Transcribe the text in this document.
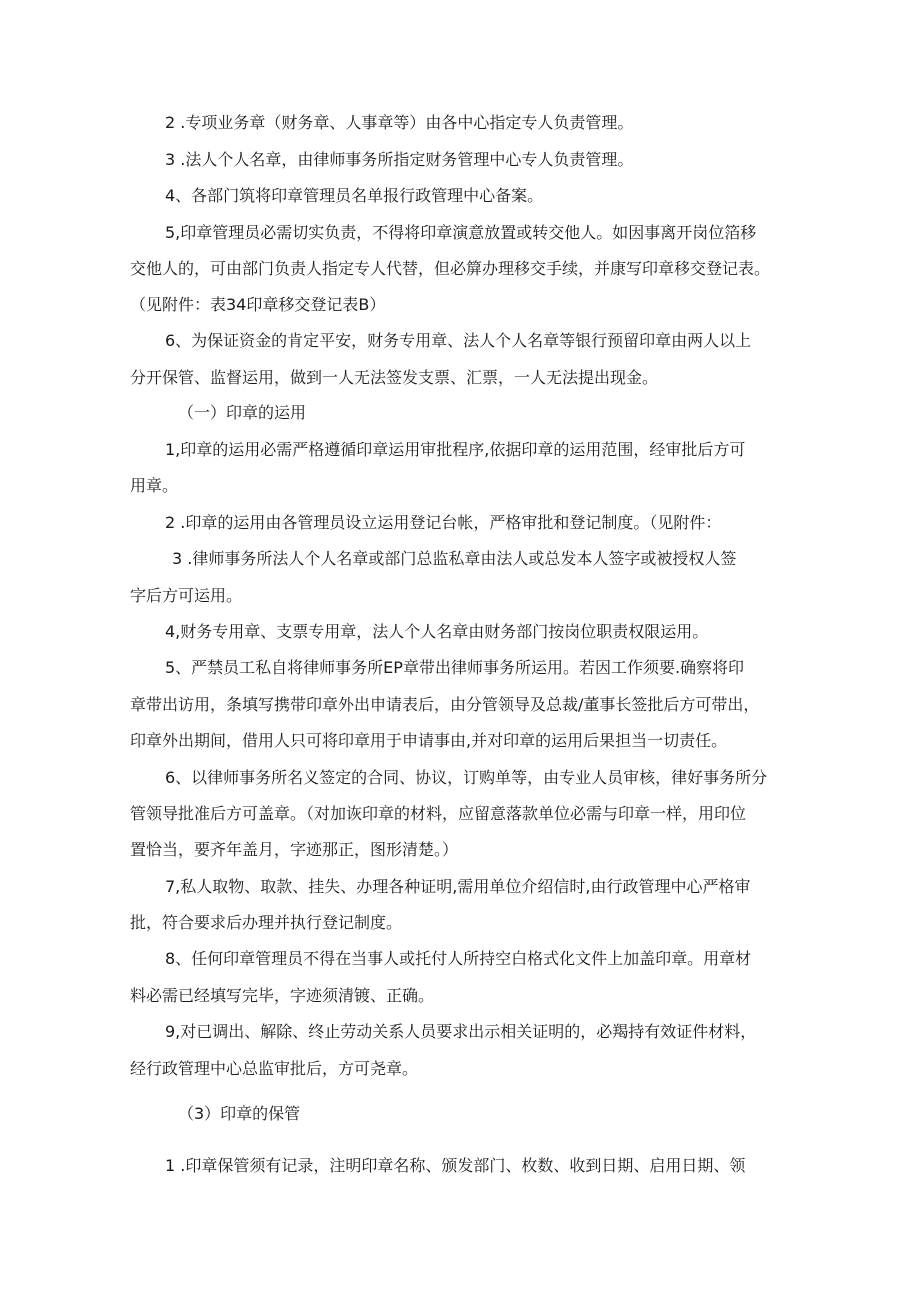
2 .专项业务章（财务章、人事章等）由各中心指定专人负责管理。
3 .法人个人名章，由律师事务所指定财务管理中心专人负责管理。
4、各部门筑将印章管理员名单报行政管理中心备案。
5,印章管理员必需切实负责，不得将印章演意放置或转交他人。如因事离开岗位箔移
交他人的，可由部门负责人指定专人代替，但必箳办理移交手续，并康写印章移交登记表。
（见附件：表34印章移交登记表B）
6、为保证资金的肯定平安，财务专用章、法人个人名章等银行预留印章由两人以上
分开保管、监督运用，做到一人无法签发支票、汇票，一人无法提出现金。
（一）印章的运用
1,印章的运用必需严格遵循印章运用审批程序,依据印章的运用范围，经审批后方可
用章。
2 .印章的运用由各管理员设立运用登记台帐，严格审批和登记制度。（见附件：
3 .律师事务所法人个人名章或部门总监私章由法人或总发本人签字或被授权人签
字后方可运用。
4,财务专用章、支票专用章，法人个人名章由财务部门按岗位职责权限运用。
5、严禁员工私自将律师事务所EP章带出律师事务所运用。若因工作须要.确察将印
章带出访用，条填写携带印章外出申请表后，由分管领导及总裁/董事长签批后方可带出，
印章外出期间，借用人只可将印章用于申请事由,并对印章的运用后果担当一切责任。
6、以律师事务所名义签定的合同、协议，订购单等，由专业人员审核，律好事务所分
管领导批准后方可盖章。（对加诙印章的材料，应留意落款单位必需与印章一样，用印位
置恰当，要齐年盖月，字迹那正，图形清楚。）
7,私人取物、取款、挂失、办理各种证明,需用单位介绍信时,由行政管理中心严格审
批，符合要求后办理并执行登记制度。
8、任何印章管理员不得在当事人或托付人所持空白格式化文件上加盖印章。用章材
料必需已经填写完毕，字迹须清镀、正确。
9,对已调出、解除、终止劳动关系人员要求出示相关证明的，必羯持有效证件材料，
经行政管理中心总监审批后，方可尧章。
（3）印章的保管
1 .印章保管须有记录，注明印章名称、颁发部门、枚数、收到日期、启用日期、领
